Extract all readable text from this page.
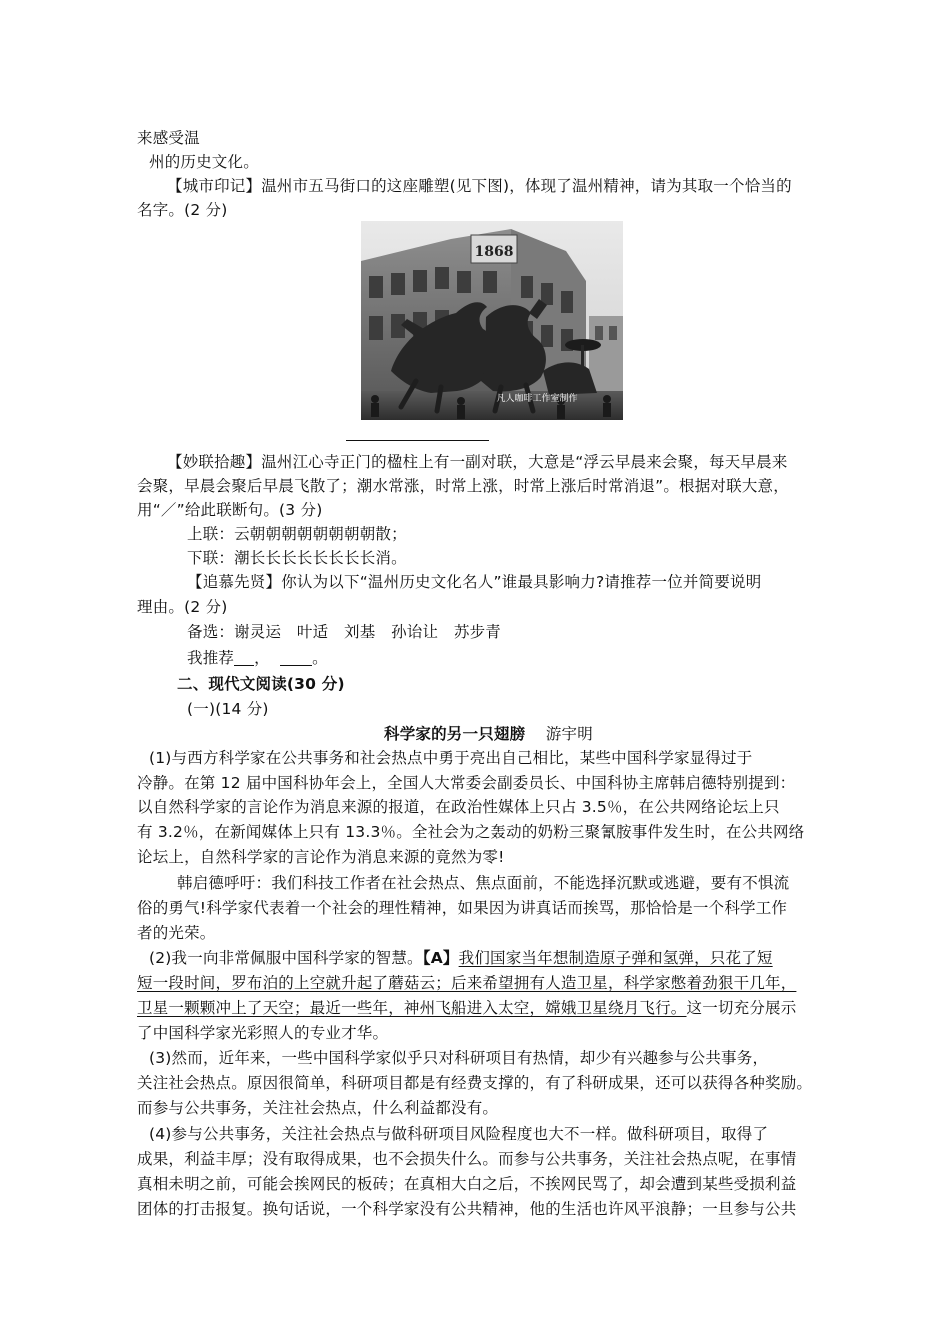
来感受温
州的历史文化。
【城市印记】温州市五马街口的这座雕塑(见下图)，体现了温州精神，请为其取一个恰当的
名字。(2 分)
1868
凡人咖啡工作室制作
【妙联拾趣】温州江心寺正门的楹柱上有一副对联，大意是“浮云早晨来会聚，每天早晨来
会聚，早晨会聚后早晨飞散了；潮水常涨，时常上涨，时常上涨后时常消退”。根据对联大意，
用“／”给此联断句。(3 分)
上联：云朝朝朝朝朝朝朝朝散；
下联：潮长长长长长长长长消。
【追慕先贤】你认为以下“温州历史文化名人”谁最具影响力?请推荐一位并简要说明
理由。(2 分)
备选：谢灵运　叶适　刘基　孙诒让　苏步青
我推荐 ，	。
二、现代文阅读(30 分)
(一)(14 分)
科学家的另一只翅膀 游宇明
(1)与西方科学家在公共事务和社会热点中勇于亮出自己相比，某些中国科学家显得过于
冷静。在第 12 届中国科协年会上，全国人大常委会副委员长、中国科协主席韩启德特别提到：
以自然科学家的言论作为消息来源的报道，在政治性媒体上只占 3.5％，在公共网络论坛上只
有 3.2％，在新闻媒体上只有 13.3％。全社会为之轰动的奶粉三聚氰胺事件发生时，在公共网络
论坛上，自然科学家的言论作为消息来源的竟然为零!
韩启德呼吁：我们科技工作者在社会热点、焦点面前，不能选择沉默或逃避，要有不惧流
俗的勇气!科学家代表着一个社会的理性精神，如果因为讲真话而挨骂，那恰恰是一个科学工作
者的光荣。
(2)我一向非常佩服中国科学家的智慧。【A】我们国家当年想制造原子弹和氢弹，只花了短
短一段时间，罗布泊的上空就升起了蘑菇云；后来希望拥有人造卫星，科学家憋着劲狠干几年，
卫星一颗颗冲上了天空；最近一些年，神州飞船进入太空，嫦娥卫星绕月飞行。这一切充分展示
了中国科学家光彩照人的专业才华。
(3)然而，近年来，一些中国科学家似乎只对科研项目有热情，却少有兴趣参与公共事务，
关注社会热点。原因很简单，科研项目都是有经费支撑的，有了科研成果，还可以获得各种奖励。
而参与公共事务，关注社会热点，什么利益都没有。
(4)参与公共事务，关注社会热点与做科研项目风险程度也大不一样。做科研项目，取得了
成果，利益丰厚；没有取得成果，也不会损失什么。而参与公共事务，关注社会热点呢，在事情
真相未明之前，可能会挨网民的板砖；在真相大白之后，不挨网民骂了，却会遭到某些受损利益
团体的打击报复。换句话说，一个科学家没有公共精神，他的生活也许风平浪静；一旦参与公共
